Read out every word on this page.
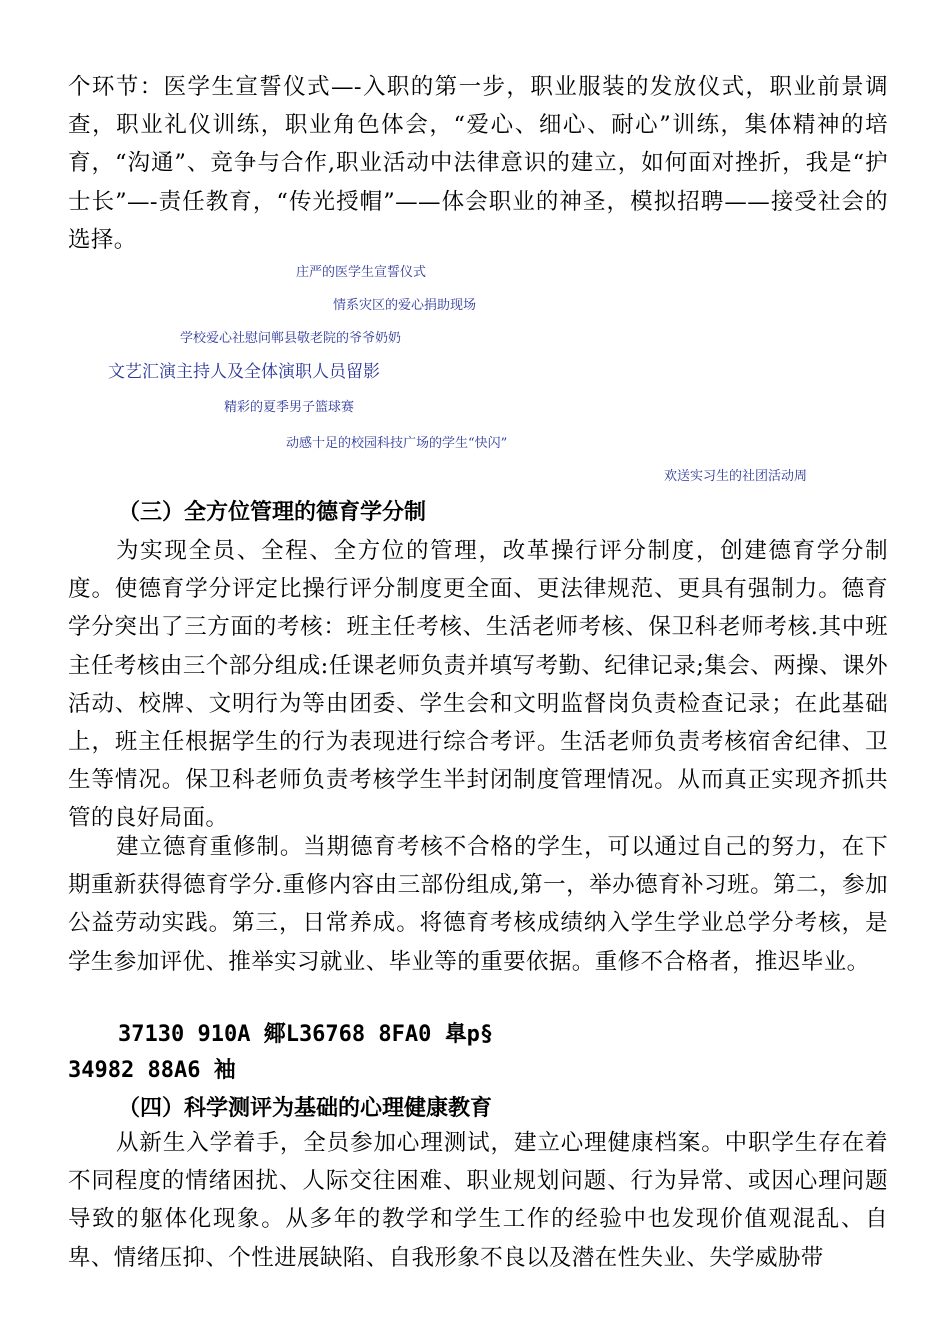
个环节：医学生宣誓仪式—-入职的第一步，职业服装的发放仪式，职业前景调查，职业礼仪训练，职业角色体会，“爱心、细心、耐心”训练，集体精神的培育，“沟通”、竞争与合作,职业活动中法律意识的建立，如何面对挫折，我是“护士长”—-责任教育，“传光授帽”——体会职业的神圣，模拟招聘——接受社会的选择。

庄严的医学生宣誓仪式
情系灾区的爱心捐助现场
学校爱心社慰问郸县敬老院的爷爷奶奶
文艺汇演主持人及全体演职人员留影
精彩的夏季男子篮球赛
动感十足的校园科技广场的学生“快闪”
欢送实习生的社团活动周
（三）全方位管理的德育学分制

为实现全员、全程、全方位的管理，改革操行评分制度，创建德育学分制度。使德育学分评定比操行评分制度更全面、更法律规范、更具有强制力。德育学分突出了三方面的考核：班主任考核、生活老师考核、保卫科老师考核.其中班主任考核由三个部分组成:任课老师负责并填写考勤、纪律记录;集会、两操、课外活动、校牌、文明行为等由团委、学生会和文明监督岗负责检查记录；在此基础上，班主任根据学生的行为表现进行综合考评。生活老师负责考核宿舍纪律、卫生等情况。保卫科老师负责考核学生半封闭制度管理情况。从而真正实现齐抓共管的良好局面。

建立德育重修制。当期德育考核不合格的学生，可以通过自己的努力，在下期重新获得德育学分.重修内容由三部份组成,第一，举办德育补习班。第二，参加公益劳动实践。第三，日常养成。将德育考核成绩纳入学生学业总学分考核，是学生参加评优、推举实习就业、毕业等的重要依据。重修不合格者，推迟毕业。

37130 910A 鄊L36768 8FA0 臯p§
34982 88A6 袖
（四）科学测评为基础的心理健康教育

从新生入学着手，全员参加心理测试，建立心理健康档案。中职学生存在着不同程度的情绪困扰、人际交往困难、职业规划问题、行为异常、或因心理问题导致的躯体化现象。从多年的教学和学生工作的经验中也发现价值观混乱、自卑、情绪压抑、个性进展缺陷、自我形象不良以及潜在性失业、失学威胁带
